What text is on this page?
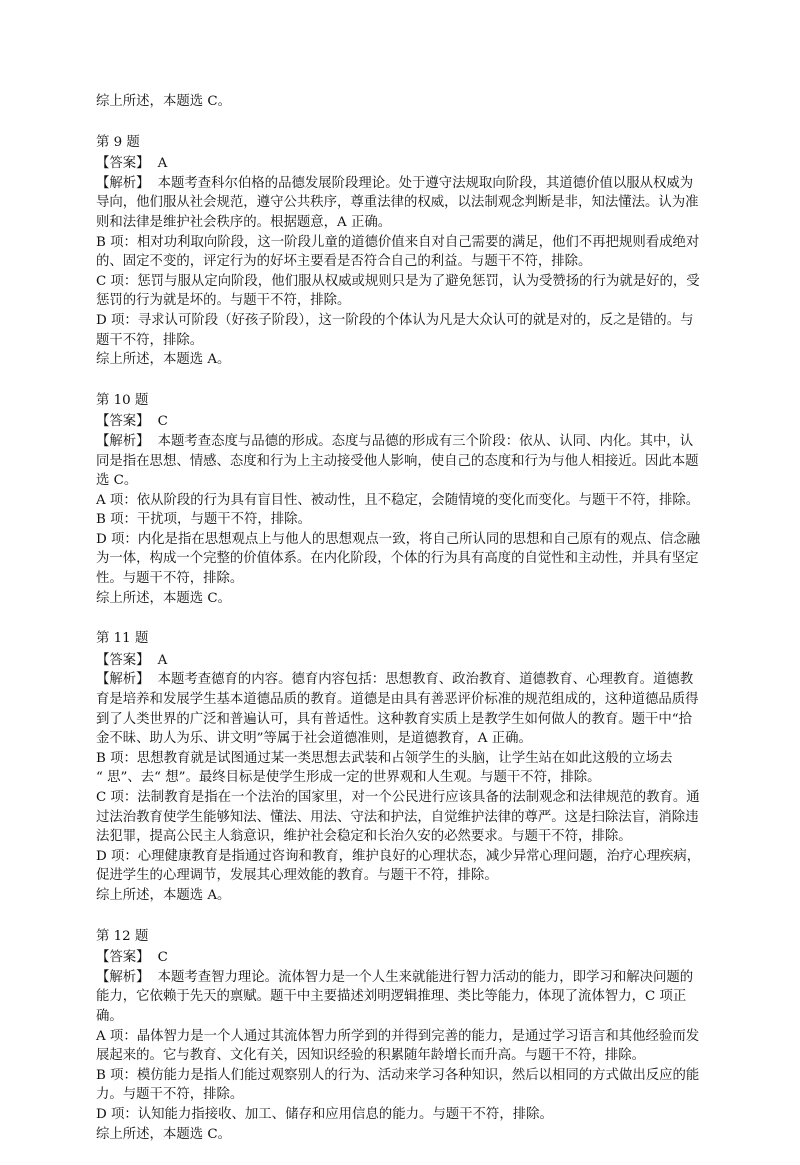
综上所述，本题选 C。
第 9 题
【答案】 A
【解析】 本题考查科尔伯格的品德发展阶段理论。处于遵守法规取向阶段，其道德价值以服从权威为
导向，他们服从社会规范，遵守公共秩序，尊重法律的权威，以法制观念判断是非，知法懂法。认为准
则和法律是维护社会秩序的。根据题意，A 正确。
B 项：相对功利取向阶段，这一阶段儿童的道德价值来自对自己需要的满足，他们不再把规则看成绝对
的、固定不变的，评定行为的好坏主要看是否符合自己的利益。与题干不符，排除。
C 项：惩罚与服从定向阶段，他们服从权威或规则只是为了避免惩罚，认为受赞扬的行为就是好的，受
惩罚的行为就是坏的。与题干不符，排除。
D 项：寻求认可阶段（好孩子阶段），这一阶段的个体认为凡是大众认可的就是对的，反之是错的。与
题干不符，排除。
综上所述，本题选 A。
第 10 题
【答案】 C
【解析】 本题考查态度与品德的形成。态度与品德的形成有三个阶段：依从、认同、内化。其中，认
同是指在思想、情感、态度和行为上主动接受他人影响，使自己的态度和行为与他人相接近。因此本题
选 C。
A 项：依从阶段的行为具有盲目性、被动性，且不稳定，会随情境的变化而变化。与题干不符，排除。
B 项：干扰项，与题干不符，排除。
D 项：内化是指在思想观点上与他人的思想观点一致，将自己所认同的思想和自己原有的观点、信念融
为一体，构成一个完整的价值体系。在内化阶段，个体的行为具有高度的自觉性和主动性，并具有坚定
性。与题干不符，排除。
综上所述，本题选 C。
第 11 题
【答案】 A
【解析】 本题考查德育的内容。德育内容包括：思想教育、政治教育、道德教育、心理教育。道德教
育是培养和发展学生基本道德品质的教育。道德是由具有善恶评价标准的规范组成的，这种道德品质得
到了人类世界的广泛和普遍认可，具有普适性。这种教育实质上是教学生如何做人的教育。题干中“拾
金不昧、助人为乐、讲文明”等属于社会道德准则，是道德教育，A 正确。
B 项：思想教育就是试图通过某一类思想去武装和占领学生的头脑，让学生站在如此这般的立场去
“ 思”、去“ 想”。最终目标是使学生形成一定的世界观和人生观。与题干不符，排除。
C 项：法制教育是指在一个法治的国家里，对一个公民进行应该具备的法制观念和法律规范的教育。通
过法治教育使学生能够知法、懂法、用法、守法和护法，自觉维护法律的尊严。这是扫除法盲，消除违
法犯罪，提高公民主人翁意识，维护社会稳定和长治久安的必然要求。与题干不符，排除。
D 项：心理健康教育是指通过咨询和教育，维护良好的心理状态，减少异常心理问题，治疗心理疾病，
促进学生的心理调节，发展其心理效能的教育。与题干不符，排除。
综上所述，本题选 A。
第 12 题
【答案】 C
【解析】 本题考查智力理论。流体智力是一个人生来就能进行智力活动的能力，即学习和解决问题的
能力，它依赖于先天的禀赋。题干中主要描述刘明逻辑推理、类比等能力，体现了流体智力，C 项正
确。
A 项：晶体智力是一个人通过其流体智力所学到的并得到完善的能力，是通过学习语言和其他经验而发
展起来的。它与教育、文化有关，因知识经验的积累随年龄增长而升高。与题干不符，排除。
B 项：模仿能力是指人们能过观察别人的行为、活动来学习各种知识，然后以相同的方式做出反应的能
力。与题干不符，排除。
D 项：认知能力指接收、加工、储存和应用信息的能力。与题干不符，排除。
综上所述，本题选 C。
